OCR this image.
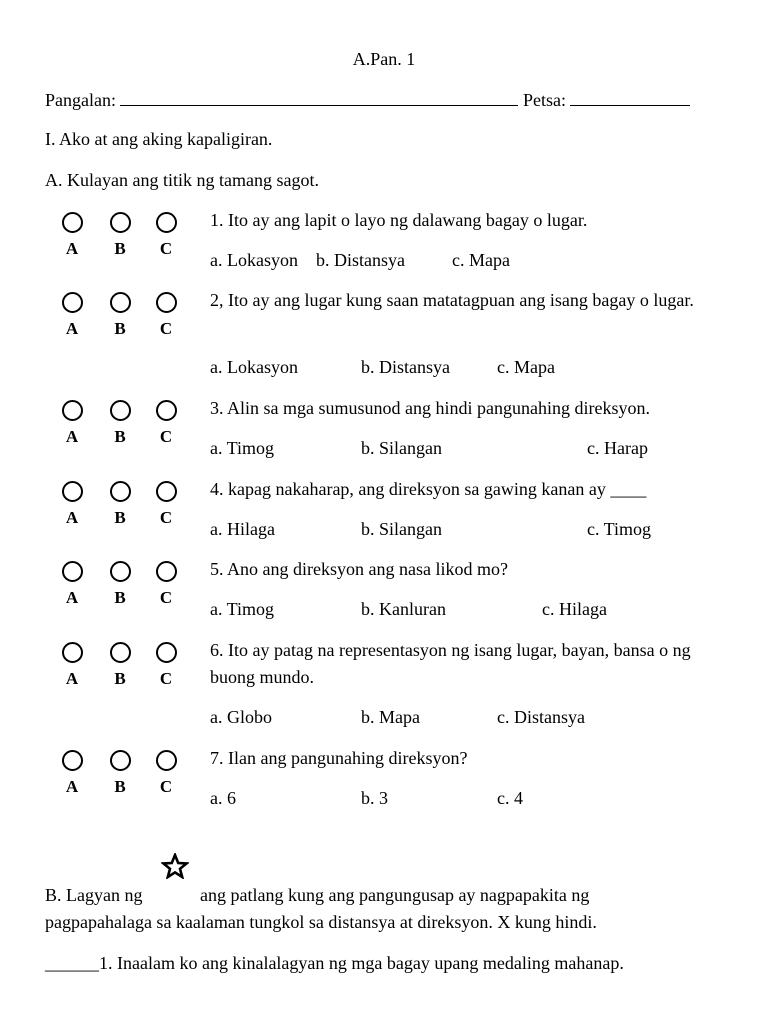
A.Pan. 1
Pangalan:	Petsa:
I. Ako at ang aking kapaligiran.
A. Kulayan ang titik ng tamang sagot.
A	B	C
1. Ito ay ang lapit o layo ng dalawang bagay o lugar.
a. Lokasyon b. Distansya	c. Mapa
A	B	C
2, Ito ay ang lugar kung saan matatagpuan ang isang bagay o lugar.
a. Lokasyon	b. Distansya	c. Mapa
A	B	C
3. Alin sa mga sumusunod ang hindi pangunahing direksyon.
a. Timog	b. Silangan	c. Harap
A	B	C
4. kapag nakaharap, ang direksyon sa gawing kanan ay ____
a. Hilaga	b. Silangan	c. Timog
A	B	C
5. Ano ang direksyon ang nasa likod mo?
a. Timog	b. Kanluran	c. Hilaga
A	B	C
6. Ito ay patag na representasyon ng isang lugar, bayan, bansa o ng buong mundo.
a. Globo	b. Mapa	c. Distansya
A	B	C
7. Ilan ang pangunahing direksyon?
a. 6	b. 3	c. 4
B. Lagyan ng	ang patlang kung ang pangungusap ay nagpapakita ng
pagpapahalaga sa kaalaman tungkol sa distansya at direksyon. X kung hindi.
______1. Inaalam ko ang kinalalagyan ng mga bagay upang medaling mahanap.
